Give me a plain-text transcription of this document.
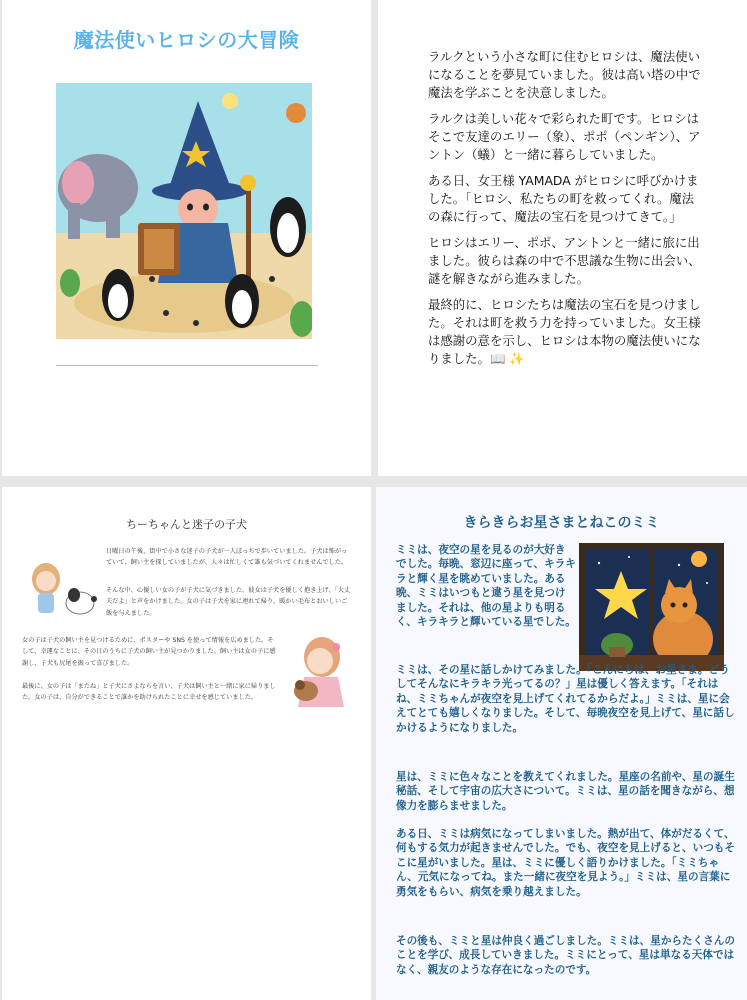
魔法使いヒロシの大冒険

ラルクという小さな町に住むヒロシは、魔法使いになることを夢見ていました。彼は高い塔の中で魔法を学ぶことを決意しました。

ラルクは美しい花々で彩られた町です。ヒロシはそこで友達のエリー（象）、ポポ（ペンギン）、アントン（蟻）と一緒に暮らしていました。

ある日、女王様 YAMADA がヒロシに呼びかけました。「ヒロシ、私たちの町を救ってくれ。魔法の森に行って、魔法の宝石を見つけてきて。」

ヒロシはエリー、ポポ、アントンと一緒に旅に出ました。彼らは森の中で不思議な生物に出会い、謎を解きながら進みました。

最終的に、ヒロシたちは魔法の宝石を見つけました。それは町を救う力を持っていました。女王様は感謝の意を示し、ヒロシは本物の魔法使いになりました。📖 ✨

ちーちゃんと迷子の子犬
日曜日の午後、街中で小さな迷子の子犬が一人ぼっちで歩いていました。子犬は怖がっていて、飼い主を探していましたが、人々は忙しくて誰も気づいてくれませんでした。
そんな中、心優しい女の子が子犬に気づきました。彼女は子犬を優しく抱き上げ、「大丈夫だよ」と声をかけました。女の子は子犬を家に連れて帰り、暖かい毛布とおいしいご飯を与えました。
女の子は子犬の飼い主を見つけるために、ポスターや SNS を使って情報を広めました。そして、幸運なことに、その日のうちに子犬の飼い主が見つかりました。飼い主は女の子に感謝し、子犬も尻尾を振って喜びました。
最後に、女の子は「またね」と子犬にさよならを言い、子犬は飼い主と一緒に家に帰りました。女の子は、自分ができることで誰かを助けられたことに幸せを感じていました。
きらきらお星さまとねこのミミ
ミミは、夜空の星を見るのが大好きでした。毎晩、窓辺に座って、キラキラと輝く星を眺めていました。ある晩、ミミはいつもと違う星を見つけました。それは、他の星よりも明るく、キラキラと輝いている星でした。
ミミは、その星に話しかけてみました。「こんにちは、お星さま。どうしてそんなにキラキラ光ってるの？」星は優しく答えます。「それはね、ミミちゃんが夜空を見上げてくれてるからだよ。」ミミは、星に会えてとても嬉しくなりました。そして、毎晩夜空を見上げて、星に話しかけるようになりました。
星は、ミミに色々なことを教えてくれました。星座の名前や、星の誕生秘話、そして宇宙の広大さについて。ミミは、星の話を聞きながら、想像力を膨らませました。
ある日、ミミは病気になってしまいました。熱が出て、体がだるくて、何もする気力が起きませんでした。でも、夜空を見上げると、いつもそこに星がいました。星は、ミミに優しく語りかけました。「ミミちゃん、元気になってね。また一緒に夜空を見よう。」ミミは、星の言葉に勇気をもらい、病気を乗り越えました。
その後も、ミミと星は仲良く過ごしました。ミミは、星からたくさんのことを学び、成長していきました。ミミにとって、星は単なる天体ではなく、親友のような存在になったのです。
